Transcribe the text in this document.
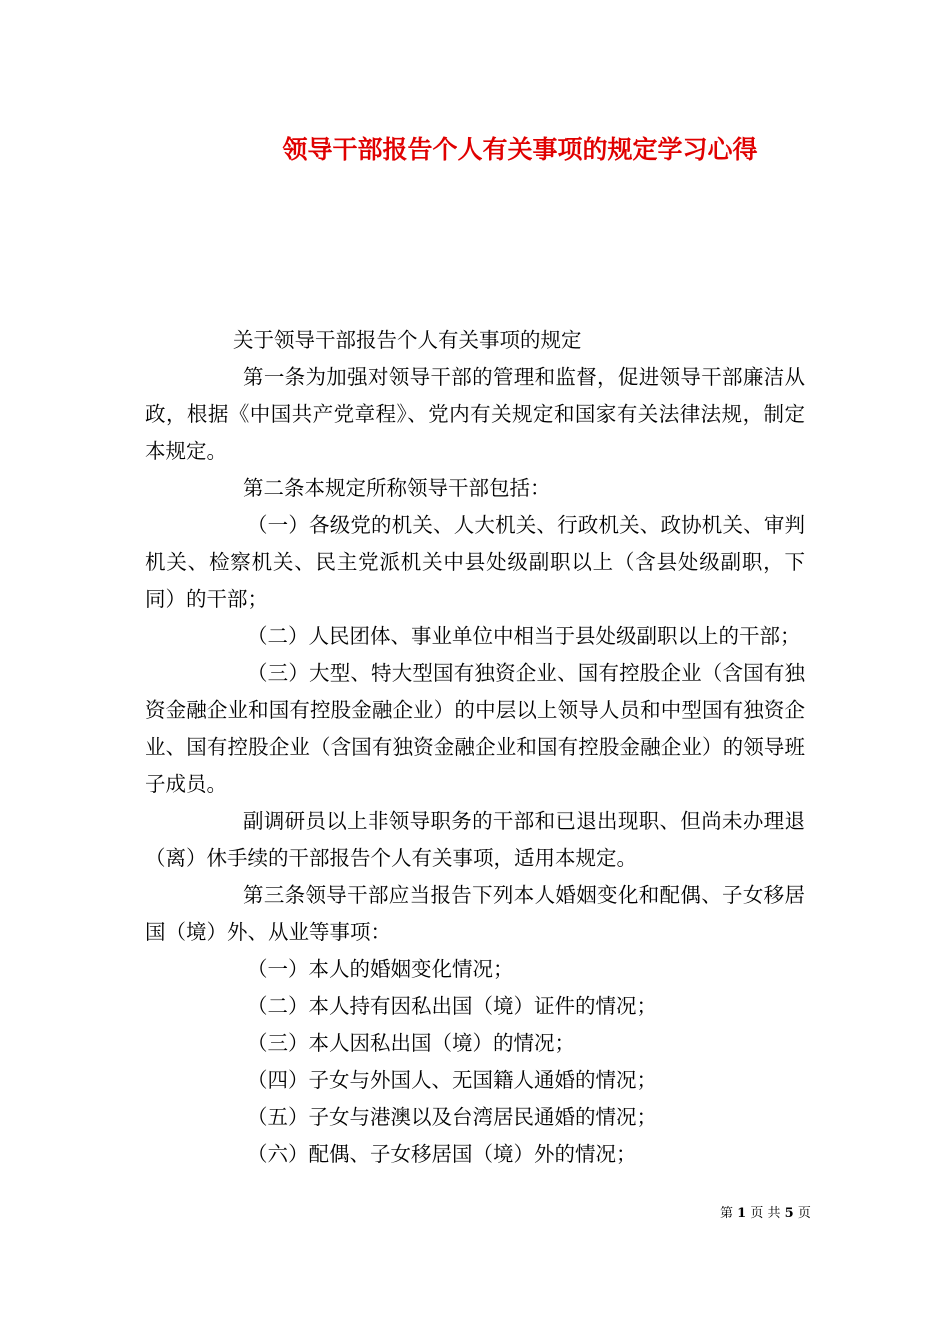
领导干部报告个人有关事项的规定学习心得

关于领导干部报告个人有关事项的规定

第一条为加强对领导干部的管理和监督，促进领导干部廉洁从政，根据《中国共产党章程》、党内有关规定和国家有关法律法规，制定本规定。

第二条本规定所称领导干部包括：

（一）各级党的机关、人大机关、行政机关、政协机关、审判机关、检察机关、民主党派机关中县处级副职以上（含县处级副职，下同）的干部；

（二）人民团体、事业单位中相当于县处级副职以上的干部；

（三）大型、特大型国有独资企业、国有控股企业（含国有独资金融企业和国有控股金融企业）的中层以上领导人员和中型国有独资企业、国有控股企业（含国有独资金融企业和国有控股金融企业）的领导班子成员。

副调研员以上非领导职务的干部和已退出现职、但尚未办理退（离）休手续的干部报告个人有关事项，适用本规定。

第三条领导干部应当报告下列本人婚姻变化和配偶、子女移居国（境）外、从业等事项：

（一）本人的婚姻变化情况；

（二）本人持有因私出国（境）证件的情况；

（三）本人因私出国（境）的情况；

（四）子女与外国人、无国籍人通婚的情况；

（五）子女与港澳以及台湾居民通婚的情况；

（六）配偶、子女移居国（境）外的情况；

第 1 页 共 5 页
